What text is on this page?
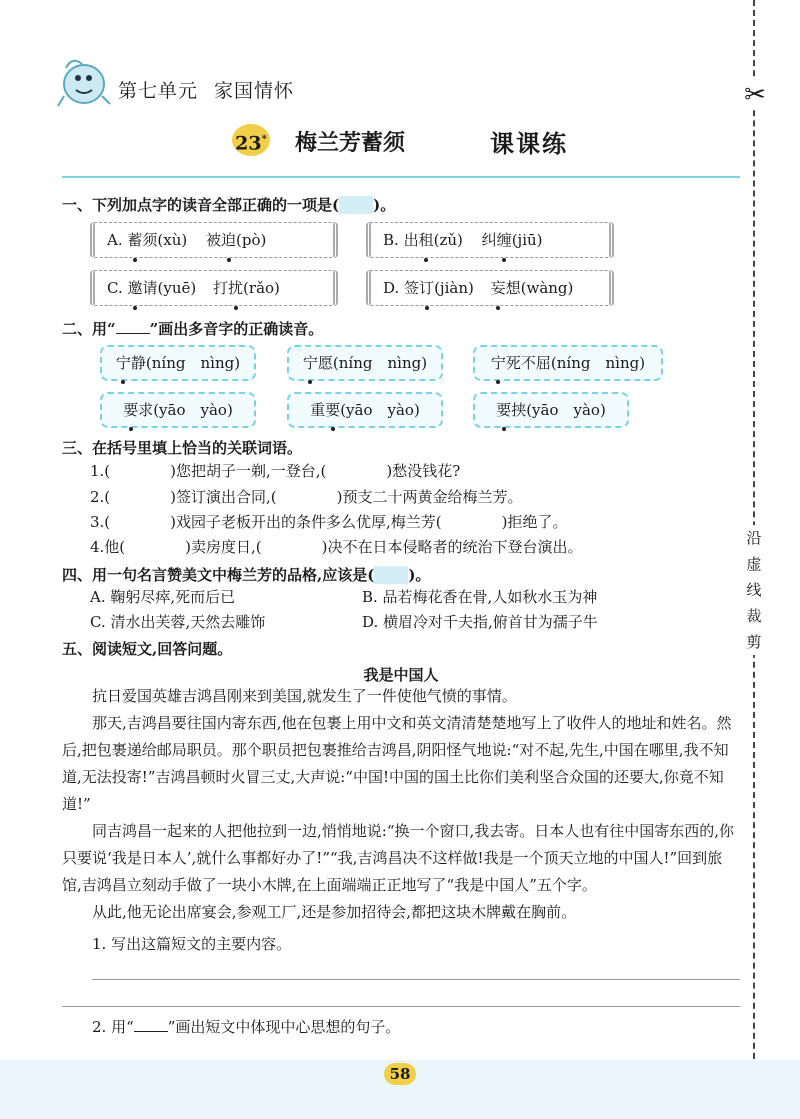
✂
沿虚线裁剪
第七单元 家国情怀
23* 梅兰芳蓄须	课课练
一、下列加点字的读音全部正确的一项是( )。
A. 蓄须(xù) 被迫(pò)	B. 出租(zǔ) 纠缠(jiū)
C. 邀请(yuē) 打扰(rǎo)	D. 签订(jiàn) 妄想(wàng)
二、用“ ”画出多音字的正确读音。
宁静(níng　nìng)	宁愿(níng　nìng)	宁死不屈(níng　nìng)
要求(yāo　yào)	重要(yāo　yào)	要挟(yāo　yào)
三、在括号里填上恰当的关联词语。
1.(	)您把胡子一剃,一登台,(	)愁没钱花?
2.(	)签订演出合同,(	)预支二十两黄金给梅兰芳。
3.(	)戏园子老板开出的条件多么优厚,梅兰芳(	)拒绝了。
4.他(	)卖房度日,(	)决不在日本侵略者的统治下登台演出。
四、用一句名言赞美文中梅兰芳的品格,应该是( )。
A. 鞠躬尽瘁,死而后已	B. 品若梅花香在骨,人如秋水玉为神
C. 清水出芙蓉,天然去雕饰	D. 横眉冷对千夫指,俯首甘为孺子牛
五、阅读短文,回答问题。
我是中国人
抗日爱国英雄吉鸿昌刚来到美国,就发生了一件使他气愤的事情。
那天,吉鸿昌要往国内寄东西,他在包裹上用中文和英文清清楚楚地写上了收件人的地址和姓名。然后,把包裹递给邮局职员。那个职员把包裹推给吉鸿昌,阴阳怪气地说:“对不起,先生,中国在哪里,我不知道,无法投寄!”吉鸿昌顿时火冒三丈,大声说:“中国!中国的国土比你们美利坚合众国的还要大,你竟不知道!”
同吉鸿昌一起来的人把他拉到一边,悄悄地说:“换一个窗口,我去寄。日本人也有往中国寄东西的,你只要说‘我是日本人’,就什么事都好办了!”“我,吉鸿昌决不这样做!我是一个顶天立地的中国人!”回到旅馆,吉鸿昌立刻动手做了一块小木牌,在上面端端正正地写了“我是中国人”五个字。
从此,他无论出席宴会,参观工厂,还是参加招待会,都把这块木牌戴在胸前。
1. 写出这篇短文的主要内容。
2. 用“ ”画出短文中体现中心思想的句子。
58
